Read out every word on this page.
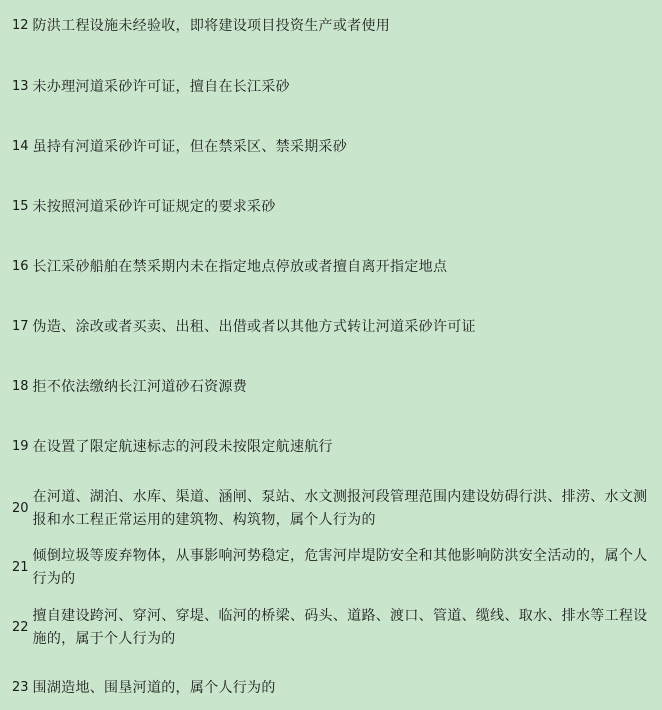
12 防洪工程设施未经验收，即将建设项目投资生产或者使用
13 未办理河道采砂许可证，擅自在长江采砂
14 虽持有河道采砂许可证，但在禁采区、禁采期采砂
15 未按照河道采砂许可证规定的要求采砂
16 长江采砂船舶在禁采期内未在指定地点停放或者擅自离开指定地点
17 伪造、涂改或者买卖、出租、出借或者以其他方式转让河道采砂许可证
18 拒不依法缴纳长江河道砂石资源费
19 在设置了限定航速标志的河段未按限定航速航行
20
在河道、湖泊、水库、渠道、涵闸、泵站、水文测报河段管理范围内建设妨碍行洪、排涝、水文测报和水工程正常运用的建筑物、构筑物，属个人行为的
21
倾倒垃圾等废弃物体，从事影响河势稳定，危害河岸堤防安全和其他影响防洪安全活动的，属个人行为的
22
擅自建设跨河、穿河、穿堤、临河的桥梁、码头、道路、渡口、管道、缆线、取水、排水等工程设施的，属于个人行为的
23 围湖造地、围垦河道的，属个人行为的
